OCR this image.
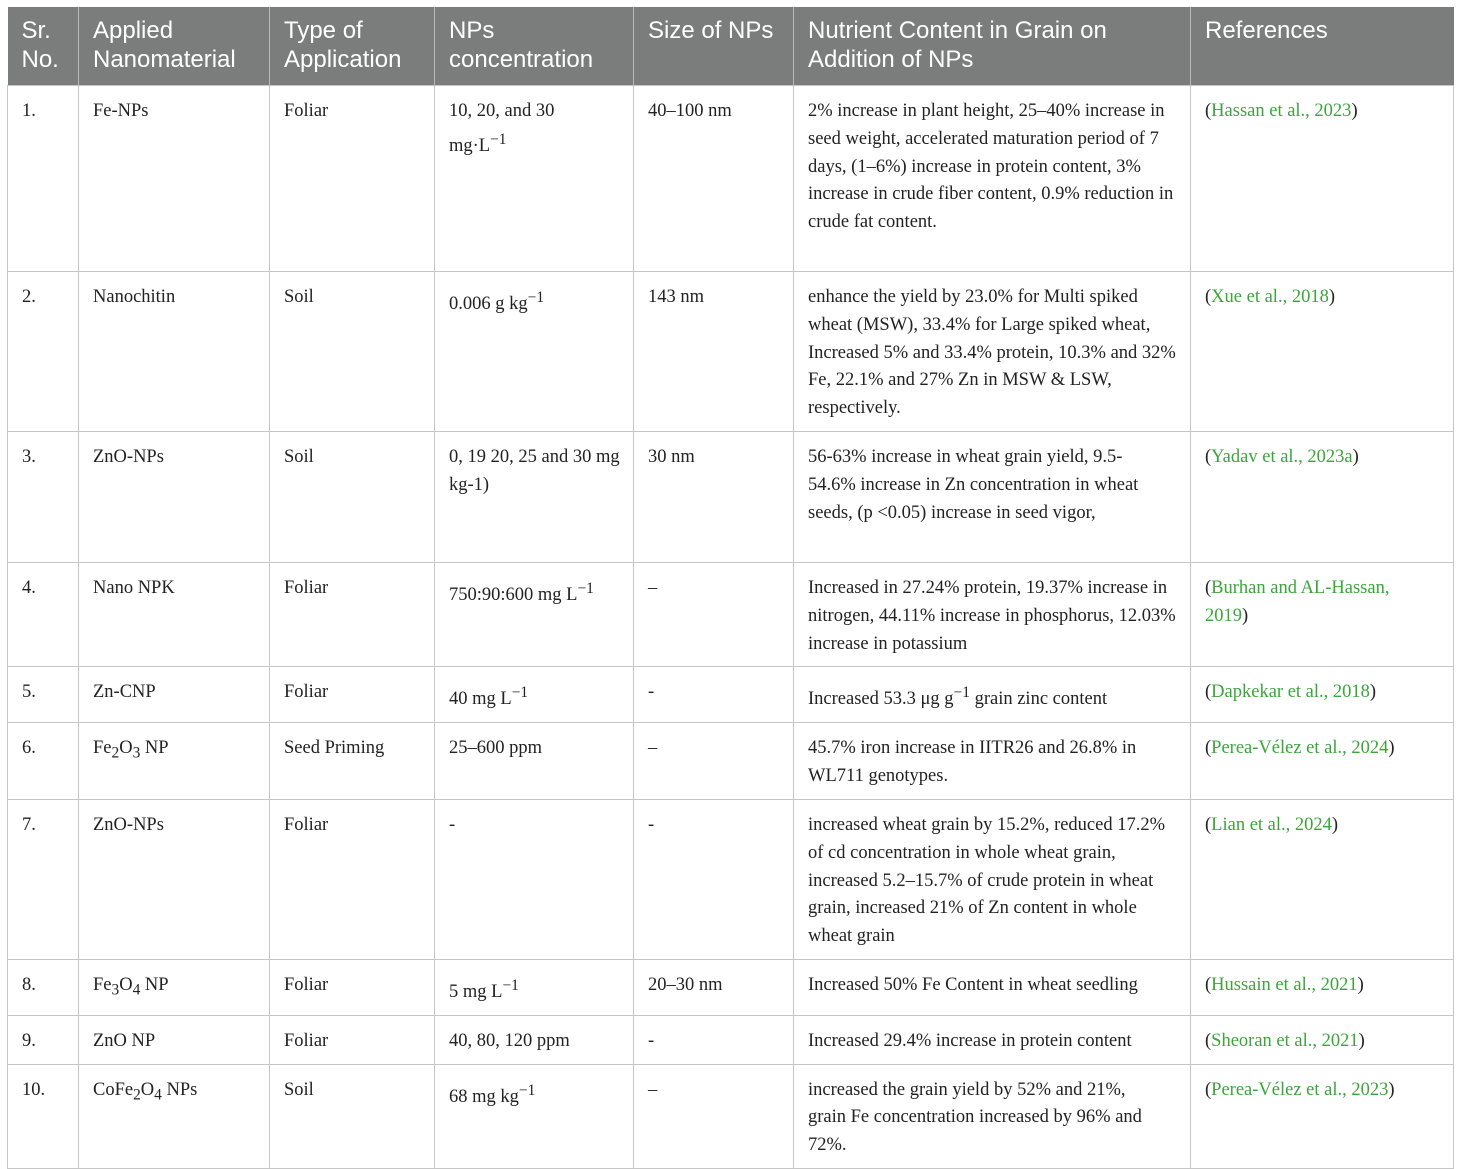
Sr. No.	Applied Nanomaterial	Type of Application	NPs concentration	Size of NPs	Nutrient Content in Grain on Addition of NPs	References
1.	Fe-NPs	Foliar	10, 20, and 30 $mg\cdot L^{-1}$	40–100 nm	2% increase in plant height, 25–40% increase in seed weight, accelerated maturation period of 7 days, (1–6%) increase in protein content, 3% increase in crude fiber content, 0.9% reduction in crude fat content.	(Hassan et al., 2023)
2.	Nanochitin	Soil	0.006 g $kg^{-1}$	143 nm	enhance the yield by 23.0% for Multi spiked wheat (MSW), 33.4% for Large spiked wheat, Increased 5% and 33.4% protein, 10.3% and 32% Fe, 22.1% and 27% Zn in MSW & LSW, respectively.	(Xue et al., 2018)
3.	ZnO-NPs	Soil	0, 19 20, 25 and 30 mg kg-1)	30 nm	56-63% increase in wheat grain yield, 9.5-54.6% increase in Zn concentration in wheat seeds, (p <0.05) increase in seed vigor,	(Yadav et al., 2023a)
4.	Nano NPK	Foliar	750:90:600 mg $L^{-1}$	–	Increased in 27.24% protein, 19.37% increase in nitrogen, 44.11% increase in phosphorus, 12.03% increase in potassium	(Burhan and AL-Hassan, 2019)
5.	Zn-CNP	Foliar	40 mg $L^{-1}$	-	Increased 53.3 μg $g^{-1}$ grain zinc content	(Dapkekar et al., 2018)
6.	$Fe_2O_3$ NP	Seed Priming	25–600 ppm	–	45.7% iron increase in IITR26 and 26.8% in WL711 genotypes.	(Perea-Vélez et al., 2024)
7.	ZnO-NPs	Foliar	-	-	increased wheat grain by 15.2%, reduced 17.2% of cd concentration in whole wheat grain, increased 5.2–15.7% of crude protein in wheat grain, increased 21% of Zn content in whole wheat grain	(Lian et al., 2024)
8.	$Fe_3O_4$ NP	Foliar	5 mg $L^{-1}$	20–30 nm	Increased 50% Fe Content in wheat seedling	(Hussain et al., 2021)
9.	ZnO NP	Foliar	40, 80, 120 ppm	-	Increased 29.4% increase in protein content	(Sheoran et al., 2021)
10.	$CoFe_2O_4$ NPs	Soil	68 mg $kg^{-1}$	–	increased the grain yield by 52% and 21%, grain Fe concentration increased by 96% and 72%.	(Perea-Vélez et al., 2023)
